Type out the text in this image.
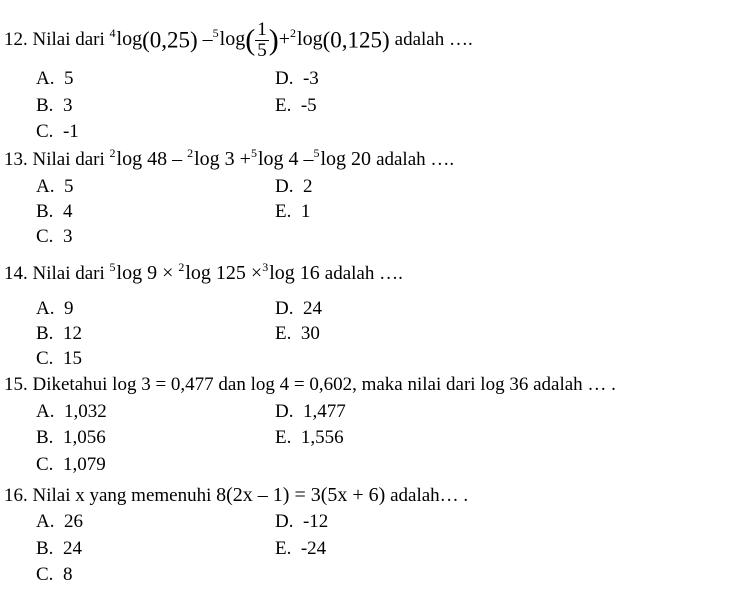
12. Nilai dari $^4$log(0,25) $-^5\log( \frac{1}{5} )+^2\log(0,125)$ adalah ….
A. 5
B. 3
C. -1
D. -3
E. -5
13. Nilai dari $^2$log 48 – $^2$log 3 +$^5$log 4 –$^5$log 20 adalah ….
A. 5
B. 4
C. 3
D. 2
E. 1
14. Nilai dari $^5$log 9 × $^2$log 125 ×$^3$log 16 adalah ….
A. 9
B. 12
C. 15
D. 24
E. 30
15. Diketahui log 3 = 0,477 dan log 4 = 0,602, maka nilai dari log 36 adalah … .
A. 1,032
B. 1,056
C. 1,079
D. 1,477
E. 1,556
16. Nilai x yang memenuhi 8(2x – 1) = 3(5x + 6) adalah… .
A. 26
B. 24
C. 8
D. -12
E. -24
